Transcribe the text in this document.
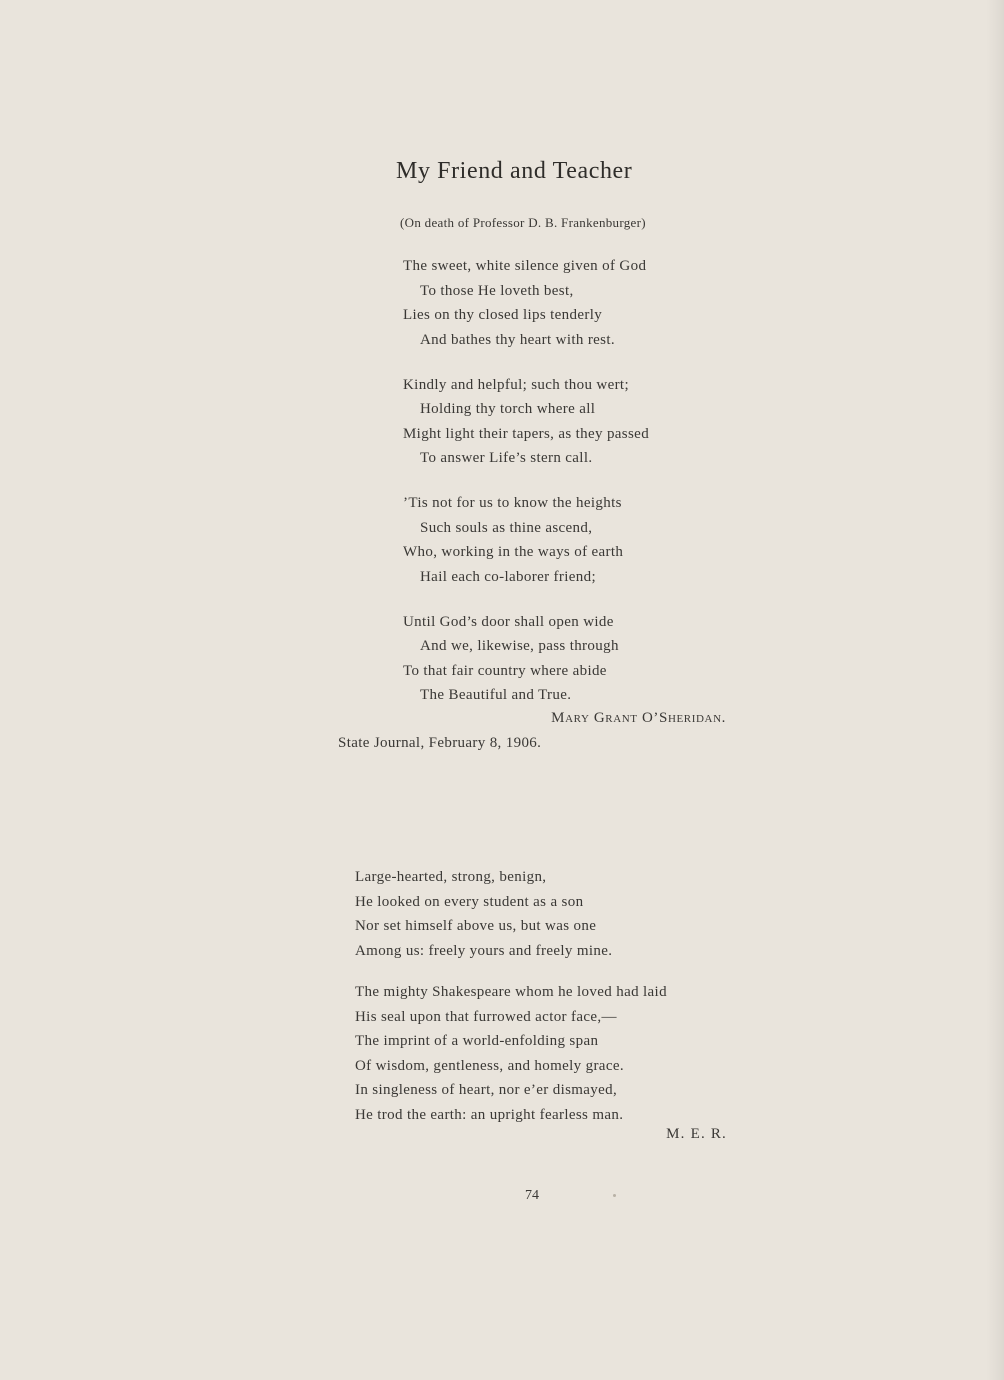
My Friend and Teacher
(On death of Professor D. B. Frankenburger)
The sweet, white silence given of God
To those He loveth best,
Lies on thy closed lips tenderly
And bathes thy heart with rest.
Kindly and helpful; such thou wert;
Holding thy torch where all
Might light their tapers, as they passed
To answer Life’s stern call.
’Tis not for us to know the heights
Such souls as thine ascend,
Who, working in the ways of earth
Hail each co-laborer friend;
Until God’s door shall open wide
And we, likewise, pass through
To that fair country where abide
The Beautiful and True.
Mary Grant O’Sheridan.
State Journal, February 8, 1906.
Large-hearted, strong, benign,
He looked on every student as a son
Nor set himself above us, but was one
Among us: freely yours and freely mine.
The mighty Shakespeare whom he loved had laid
His seal upon that furrowed actor face,—
The imprint of a world-enfolding span
Of wisdom, gentleness, and homely grace.
In singleness of heart, nor e’er dismayed,
He trod the earth: an upright fearless man.
M. E. R.
74
